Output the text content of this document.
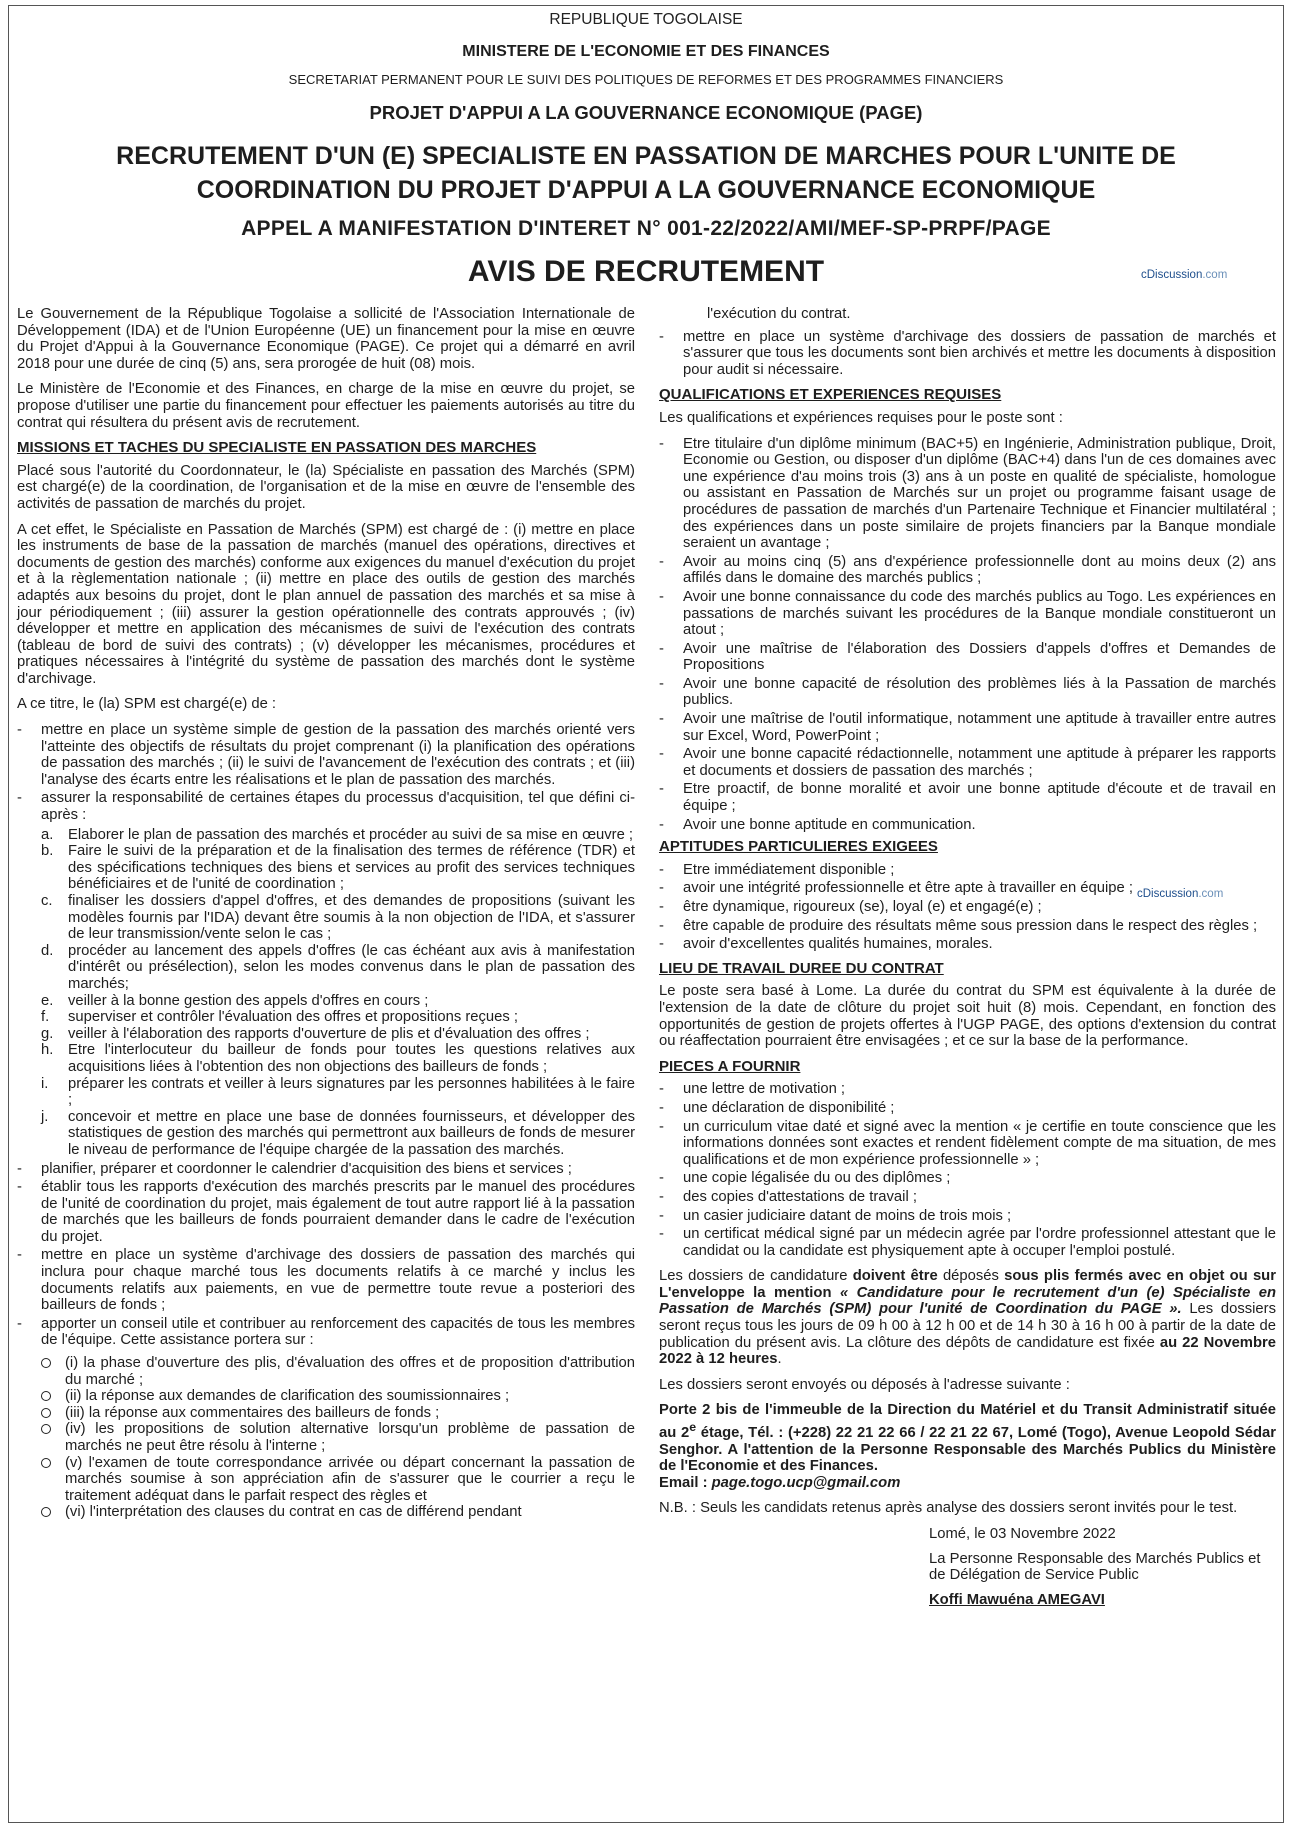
REPUBLIQUE TOGOLAISE
MINISTERE DE L'ECONOMIE ET DES FINANCES
SECRETARIAT PERMANENT POUR LE SUIVI DES POLITIQUES DE REFORMES ET DES PROGRAMMES FINANCIERS
PROJET D'APPUI A LA GOUVERNANCE ECONOMIQUE (PAGE)
RECRUTEMENT D'UN (E) SPECIALISTE EN PASSATION DE MARCHES POUR L'UNITE DE
COORDINATION DU PROJET D'APPUI A LA GOUVERNANCE ECONOMIQUE
APPEL A MANIFESTATION D'INTERET N° 001-22/2022/AMI/MEF-SP-PRPF/PAGE
AVIS DE RECRUTEMENT	cDiscussion.com
cDiscussion.com

Le Gouvernement de la République Togolaise a sollicité de l'Association Internationale de Développement (IDA) et de l'Union Européenne (UE) un financement pour la mise en œuvre du Projet d'Appui à la Gouvernance Economique (PAGE). Ce projet qui a démarré en avril 2018 pour une durée de cinq (5) ans, sera prorogée de huit (08) mois.

Le Ministère de l'Economie et des Finances, en charge de la mise en œuvre du projet, se propose d'utiliser une partie du financement pour effectuer les paiements autorisés au titre du contrat qui résultera du présent avis de recrutement.

MISSIONS ET TACHES DU SPECIALISTE EN PASSATION DES MARCHES

Placé sous l'autorité du Coordonnateur, le (la) Spécialiste en passation des Marchés (SPM) est chargé(e) de la coordination, de l'organisation et de la mise en œuvre de l'ensemble des activités de passation de marchés du projet.

A cet effet, le Spécialiste en Passation de Marchés (SPM) est chargé de : (i) mettre en place les instruments de base de la passation de marchés (manuel des opérations, directives et documents de gestion des marchés) conforme aux exigences du manuel d'exécution du projet et à la règlementation nationale ; (ii) mettre en place des outils de gestion des marchés adaptés aux besoins du projet, dont le plan annuel de passation des marchés et sa mise à jour périodiquement ; (iii) assurer la gestion opérationnelle des contrats approuvés ; (iv) développer et mettre en application des mécanismes de suivi de l'exécution des contrats (tableau de bord de suivi des contrats) ; (v) développer les mécanismes, procédures et pratiques nécessaires à l'intégrité du système de passation des marchés dont le système d'archivage.

A ce titre, le (la) SPM est chargé(e) de :

- mettre en place un système simple de gestion de la passation des marchés orienté vers l'atteinte des objectifs de résultats du projet comprenant (i) la planification des opérations de passation des marchés ; (ii) le suivi de l'avancement de l'exécution des contrats ; et (iii) l'analyse des écarts entre les réalisations et le plan de passation des marchés.
- assurer la responsabilité de certaines étapes du processus d'acquisition, tel que défini ci-après :
a. Elaborer le plan de passation des marchés et procéder au suivi de sa mise en œuvre ;
b. Faire le suivi de la préparation et de la finalisation des termes de référence (TDR) et des spécifications techniques des biens et services au profit des services techniques bénéficiaires et de l'unité de coordination ;
c. finaliser les dossiers d'appel d'offres, et des demandes de propositions (suivant les modèles fournis par l'IDA) devant être soumis à la non objection de l'IDA, et s'assurer de leur transmission/vente selon le cas ;
d. procéder au lancement des appels d'offres (le cas échéant aux avis à manifestation d'intérêt ou présélection), selon les modes convenus dans le plan de passation des marchés;
e. veiller à la bonne gestion des appels d'offres en cours ;
f. superviser et contrôler l'évaluation des offres et propositions reçues ;
g. veiller à l'élaboration des rapports d'ouverture de plis et d'évaluation des offres ;
h. Etre l'interlocuteur du bailleur de fonds pour toutes les questions relatives aux acquisitions liées à l'obtention des non objections des bailleurs de fonds ;
i. préparer les contrats et veiller à leurs signatures par les personnes habilitées à le faire ;
j. concevoir et mettre en place une base de données fournisseurs, et développer des statistiques de gestion des marchés qui permettront aux bailleurs de fonds de mesurer le niveau de performance de l'équipe chargée de la passation des marchés.
- planifier, préparer et coordonner le calendrier d'acquisition des biens et services ;
- établir tous les rapports d'exécution des marchés prescrits par le manuel des procédures de l'unité de coordination du projet, mais également de tout autre rapport lié à la passation de marchés que les bailleurs de fonds pourraient demander dans le cadre de l'exécution du projet.
- mettre en place un système d'archivage des dossiers de passation des marchés qui inclura pour chaque marché tous les documents relatifs à ce marché y inclus les documents relatifs aux paiements, en vue de permettre toute revue a posteriori des bailleurs de fonds ;
- apporter un conseil utile et contribuer au renforcement des capacités de tous les membres de l'équipe. Cette assistance portera sur :
(i) la phase d'ouverture des plis, d'évaluation des offres et de proposition d'attribution du marché ;
(ii) la réponse aux demandes de clarification des soumissionnaires ;
(iii) la réponse aux commentaires des bailleurs de fonds ;
(iv) les propositions de solution alternative lorsqu'un problème de passation de marchés ne peut être résolu à l'interne ;
(v) l'examen de toute correspondance arrivée ou départ concernant la passation de marchés soumise à son appréciation afin de s'assurer que le courrier a reçu le traitement adéquat dans le parfait respect des règles et
(vi) l'interprétation des clauses du contrat en cas de différend pendant
l'exécution du contrat.
- mettre en place un système d'archivage des dossiers de passation de marchés et s'assurer que tous les documents sont bien archivés et mettre les documents à disposition pour audit si nécessaire.
QUALIFICATIONS ET EXPERIENCES REQUISES

Les qualifications et expériences requises pour le poste sont :

- Etre titulaire d'un diplôme minimum (BAC+5) en Ingénierie, Administration publique, Droit, Economie ou Gestion, ou disposer d'un diplôme (BAC+4) dans l'un de ces domaines avec une expérience d'au moins trois (3) ans à un poste en qualité de spécialiste, homologue ou assistant en Passation de Marchés sur un projet ou programme faisant usage de procédures de passation de marchés d'un Partenaire Technique et Financier multilatéral ; des expériences dans un poste similaire de projets financiers par la Banque mondiale seraient un avantage ;
- Avoir au moins cinq (5) ans d'expérience professionnelle dont au moins deux (2) ans affilés dans le domaine des marchés publics ;
- Avoir une bonne connaissance du code des marchés publics au Togo. Les expériences en passations de marchés suivant les procédures de la Banque mondiale constitueront un atout ;
- Avoir une maîtrise de l'élaboration des Dossiers d'appels d'offres et Demandes de Propositions
- Avoir une bonne capacité de résolution des problèmes liés à la Passation de marchés publics.
- Avoir une maîtrise de l'outil informatique, notamment une aptitude à travailler entre autres sur Excel, Word, PowerPoint ;
- Avoir une bonne capacité rédactionnelle, notamment une aptitude à préparer les rapports et documents et dossiers de passation des marchés ;
- Etre proactif, de bonne moralité et avoir une bonne aptitude d'écoute et de travail en équipe ;
- Avoir une bonne aptitude en communication.
APTITUDES PARTICULIERES EXIGEES
- Etre immédiatement disponible ;
- avoir une intégrité professionnelle et être apte à travailler en équipe ;
- être dynamique, rigoureux (se), loyal (e) et engagé(e) ;
- être capable de produire des résultats même sous pression dans le respect des règles ;
- avoir d'excellentes qualités humaines, morales.
LIEU DE TRAVAIL DUREE DU CONTRAT

Le poste sera basé à Lome. La durée du contrat du SPM est équivalente à la durée de l'extension de la date de clôture du projet soit huit (8) mois. Cependant, en fonction des opportunités de gestion de projets offertes à l'UGP PAGE, des options d'extension du contrat ou réaffectation pourraient être envisagées ; et ce sur la base de la performance.

PIECES A FOURNIR
- une lettre de motivation ;
- une déclaration de disponibilité ;
- un curriculum vitae daté et signé avec la mention « je certifie en toute conscience que les informations données sont exactes et rendent fidèlement compte de ma situation, de mes qualifications et de mon expérience professionnelle » ;
- une copie légalisée du ou des diplômes ;
- des copies d'attestations de travail ;
- un casier judiciaire datant de moins de trois mois ;
- un certificat médical signé par un médecin agrée par l'ordre professionnel attestant que le candidat ou la candidate est physiquement apte à occuper l'emploi postulé.

Les dossiers de candidature doivent être déposés sous plis fermés avec en objet ou sur L'enveloppe la mention « Candidature pour le recrutement d'un (e) Spécialiste en Passation de Marchés (SPM) pour l'unité de Coordination du PAGE ». Les dossiers seront reçus tous les jours de 09 h 00 à 12 h 00 et de 14 h 30 à 16 h 00 à partir de la date de publication du présent avis. La clôture des dépôts de candidature est fixée au 22 Novembre 2022 à 12 heures.

Les dossiers seront envoyés ou déposés à l'adresse suivante :

Porte 2 bis de l'immeuble de la Direction du Matériel et du Transit Administratif située au 2e étage, Tél. : (+228) 22 21 22 66 / 22 21 22 67, Lomé (Togo), Avenue Leopold Sédar Senghor. A l'attention de la Personne Responsable des Marchés Publics du Ministère de l'Economie et des Finances.
Email : page.togo.ucp@gmail.com

N.B. : Seuls les candidats retenus après analyse des dossiers seront invités pour le test.

Lomé, le 03 Novembre 2022

La Personne Responsable des Marchés Publics et de Délégation de Service Public

Koffi Mawuéna AMEGAVI
